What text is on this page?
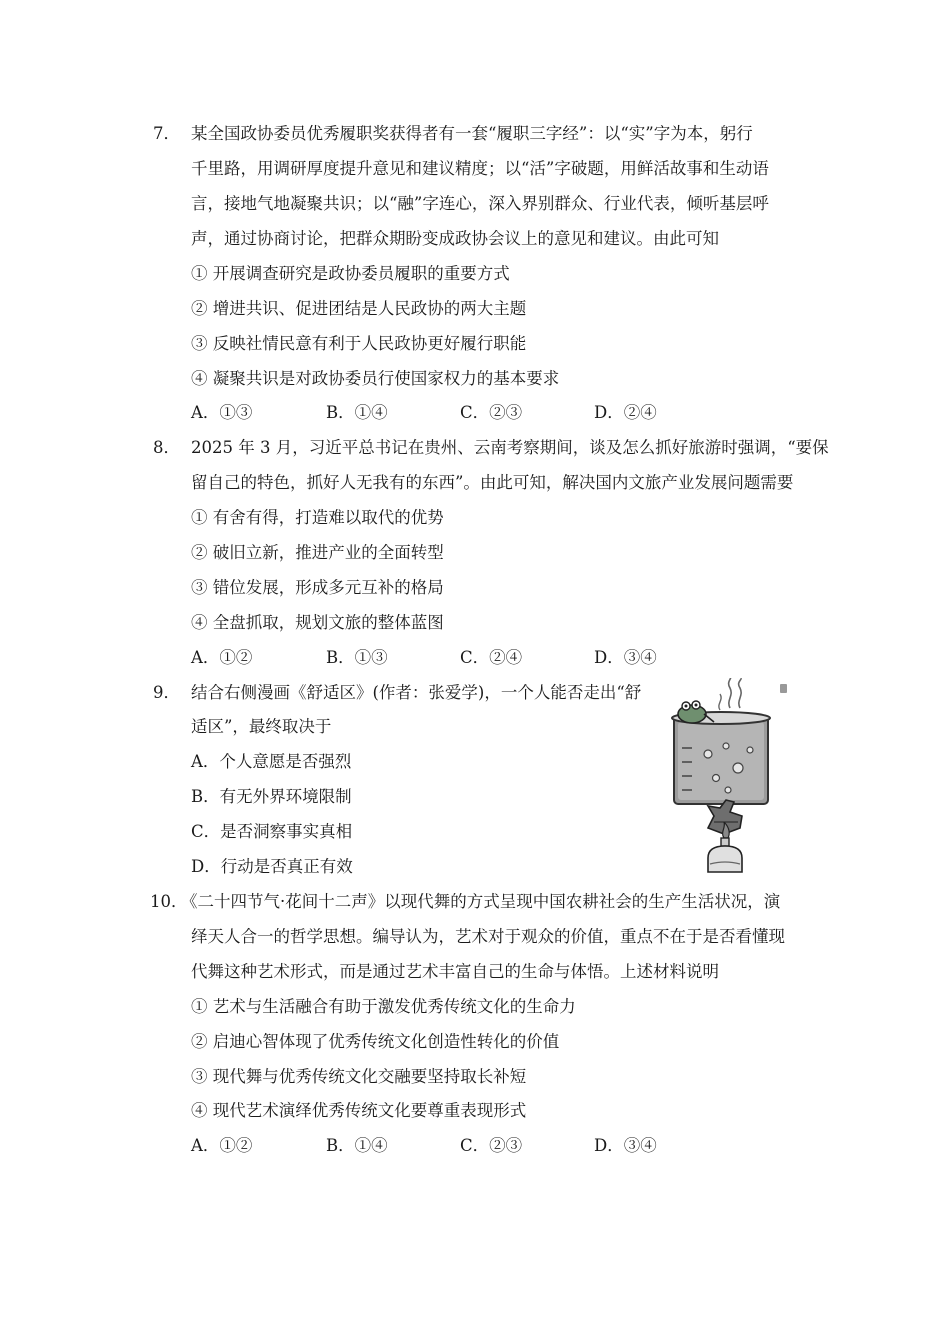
7． 某全国政协委员优秀履职奖获得者有一套“履职三字经”：以“实”字为本，躬行
千里路，用调研厚度提升意见和建议精度；以“活”字破题，用鲜活故事和生动语
言，接地气地凝聚共识；以“融”字连心，深入界别群众、行业代表，倾听基层呼
声，通过协商讨论，把群众期盼变成政协会议上的意见和建议。由此可知
① 开展调查研究是政协委员履职的重要方式
② 增进共识、促进团结是人民政协的两大主题
③ 反映社情民意有利于人民政协更好履行职能
④ 凝聚共识是对政协委员行使国家权力的基本要求
A．①③	B．①④	C．②③	D．②④
8． 2025 年 3 月，习近平总书记在贵州、云南考察期间，谈及怎么抓好旅游时强调，“要保
留自己的特色，抓好人无我有的东西”。由此可知，解决国内文旅产业发展问题需要
① 有舍有得，打造难以取代的优势
② 破旧立新，推进产业的全面转型
③ 错位发展，形成多元互补的格局
④ 全盘抓取，规划文旅的整体蓝图
A．①②	B．①③	C．②④	D．③④
9． 结合右侧漫画《舒适区》(作者：张爱学)，一个人能否走出“舒
适区”，最终取决于
A．个人意愿是否强烈
B．有无外界环境限制
C．是否洞察事实真相
D．行动是否真正有效
10．
《二十四节气·花间十二声》以现代舞的方式呈现中国农耕社会的生产生活状况，演
绎天人合一的哲学思想。编导认为，艺术对于观众的价值，重点不在于是否看懂现
代舞这种艺术形式，而是通过艺术丰富自己的生命与体悟。上述材料说明
① 艺术与生活融合有助于激发优秀传统文化的生命力
② 启迪心智体现了优秀传统文化创造性转化的价值
③ 现代舞与优秀传统文化交融要坚持取长补短
④ 现代艺术演绎优秀传统文化要尊重表现形式
A．①②	B．①④	C．②③	D．③④
